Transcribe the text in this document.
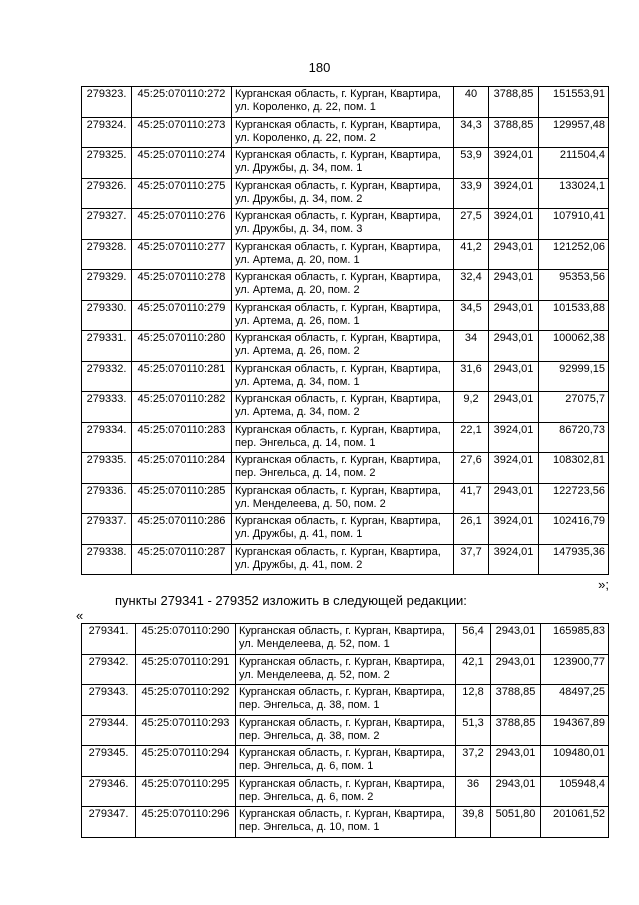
180
279323.	45:25:070110:272	Курганская область, г. Курган, Квартира, ул. Короленко, д. 22, пом. 1	40	3788,85	151553,91
279324.	45:25:070110:273	Курганская область, г. Курган, Квартира, ул. Короленко, д. 22, пом. 2	34,3	3788,85	129957,48
279325.	45:25:070110:274	Курганская область, г. Курган, Квартира, ул. Дружбы, д. 34, пом. 1	53,9	3924,01	211504,4
279326.	45:25:070110:275	Курганская область, г. Курган, Квартира, ул. Дружбы, д. 34, пом. 2	33,9	3924,01	133024,1
279327.	45:25:070110:276	Курганская область, г. Курган, Квартира, ул. Дружбы, д. 34, пом. 3	27,5	3924,01	107910,41
279328.	45:25:070110:277	Курганская область, г. Курган, Квартира, ул. Артема, д. 20, пом. 1	41,2	2943,01	121252,06
279329.	45:25:070110:278	Курганская область, г. Курган, Квартира, ул. Артема, д. 20, пом. 2	32,4	2943,01	95353,56
279330.	45:25:070110:279	Курганская область, г. Курган, Квартира, ул. Артема, д. 26, пом. 1	34,5	2943,01	101533,88
279331.	45:25:070110:280	Курганская область, г. Курган, Квартира, ул. Артема, д. 26, пом. 2	34	2943,01	100062,38
279332.	45:25:070110:281	Курганская область, г. Курган, Квартира, ул. Артема, д. 34, пом. 1	31,6	2943,01	92999,15
279333.	45:25:070110:282	Курганская область, г. Курган, Квартира, ул. Артема, д. 34, пом. 2	9,2	2943,01	27075,7
279334.	45:25:070110:283	Курганская область, г. Курган, Квартира, пер. Энгельса, д. 14, пом. 1	22,1	3924,01	86720,73
279335.	45:25:070110:284	Курганская область, г. Курган, Квартира, пер. Энгельса, д. 14, пом. 2	27,6	3924,01	108302,81
279336.	45:25:070110:285	Курганская область, г. Курган, Квартира, ул. Менделеева, д. 50, пом. 2	41,7	2943,01	122723,56
279337.	45:25:070110:286	Курганская область, г. Курган, Квартира, ул. Дружбы, д. 41, пом. 1	26,1	3924,01	102416,79
279338.	45:25:070110:287	Курганская область, г. Курган, Квартира, ул. Дружбы, д. 41, пом. 2	37,7	3924,01	147935,36
»;
пункты 279341 - 279352 изложить в следующей редакции:
«
279341.	45:25:070110:290	Курганская область, г. Курган, Квартира, ул. Менделеева, д. 52, пом. 1	56,4	2943,01	165985,83
279342.	45:25:070110:291	Курганская область, г. Курган, Квартира, ул. Менделеева, д. 52, пом. 2	42,1	2943,01	123900,77
279343.	45:25:070110:292	Курганская область, г. Курган, Квартира, пер. Энгельса, д. 38, пом. 1	12,8	3788,85	48497,25
279344.	45:25:070110:293	Курганская область, г. Курган, Квартира, пер. Энгельса, д. 38, пом. 2	51,3	3788,85	194367,89
279345.	45:25:070110:294	Курганская область, г. Курган, Квартира, пер. Энгельса, д. 6, пом. 1	37,2	2943,01	109480,01
279346.	45:25:070110:295	Курганская область, г. Курган, Квартира, пер. Энгельса, д. 6, пом. 2	36	2943,01	105948,4
279347.	45:25:070110:296	Курганская область, г. Курган, Квартира, пер. Энгельса, д. 10, пом. 1	39,8	5051,80	201061,52
